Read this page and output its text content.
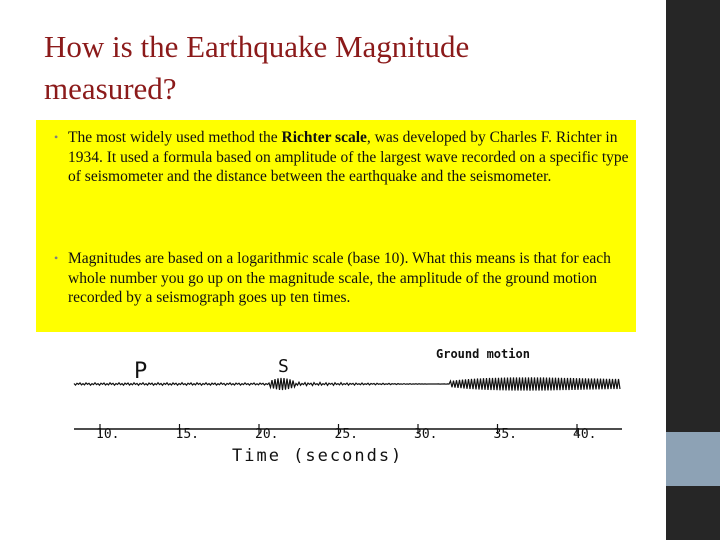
How is the Earthquake Magnitude
measured?
• The most widely used method the Richter scale, was developed by Charles F. Richter in 1934. It used a formula based on amplitude of the largest wave recorded on a specific type of seismometer and the distance between the earthquake and the seismometer.
• Magnitudes are based on a logarithmic scale (base 10). What this means is that for each whole number you go up on the magnitude scale, the amplitude of the ground motion recorded by a seismograph goes up ten times.
P	S
Ground motion
10.	15.	20.	25.	30.	35.	40.
Time (seconds)
